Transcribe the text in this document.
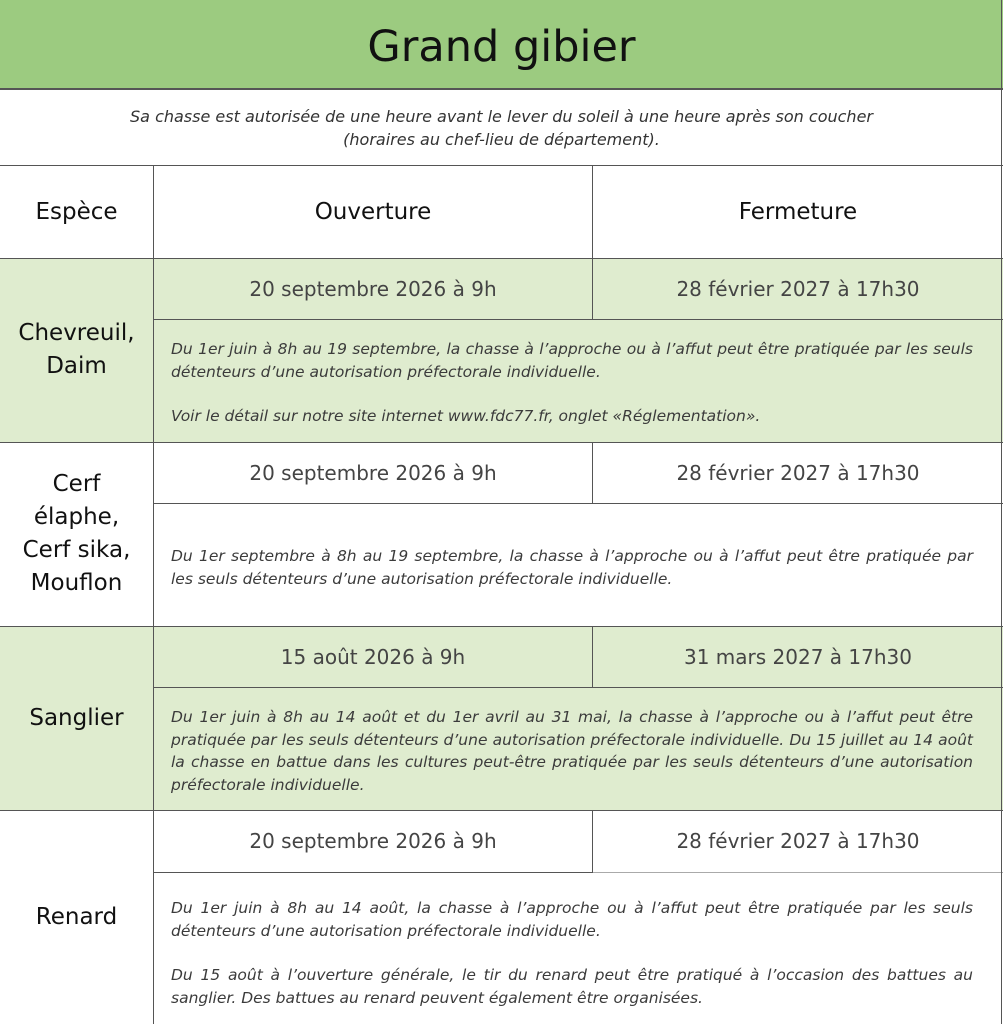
Grand gibier
Sa chasse est autorisée de une heure avant le lever du soleil à une heure après son coucher
(horaires au chef-lieu de département).
Espèce	Ouverture	Fermeture
Chevreuil, Daim
20 septembre 2026 à 9h	28 février 2027 à 17h30

Du 1er juin à 8h au 19 septembre, la chasse à l’approche ou à l’affut peut être pratiquée par les seuls détenteurs d’une autorisation préfectorale individuelle.

Voir le détail sur notre site internet www.fdc77.fr, onglet «Réglementation».

Cerf élaphe, Cerf sika, Mouflon
20 septembre 2026 à 9h	28 février 2027 à 17h30

Du 1er septembre à 8h au 19 septembre, la chasse à l’approche ou à l’affut peut être pratiquée par les seuls détenteurs d’une autorisation préfectorale individuelle.

Sanglier
15 août 2026 à 9h	31 mars 2027 à 17h30

Du 1er juin à 8h au 14 août et du 1er avril au 31 mai, la chasse à l’approche ou à l’affut peut être pratiquée par les seuls détenteurs d’une autorisation préfectorale individuelle. Du 15 juillet au 14 août la chasse en battue dans les cultures peut-être pratiquée par les seuls détenteurs d’une autorisation préfectorale individuelle.

Renard
20 septembre 2026 à 9h	28 février 2027 à 17h30

Du 1er juin à 8h au 14 août, la chasse à l’approche ou à l’affut peut être pratiquée par les seuls détenteurs d’une autorisation préfectorale individuelle.

Du 15 août à l’ouverture générale, le tir du renard peut être pratiqué à l’occasion des battues au sanglier. Des battues au renard peuvent également être organisées.
